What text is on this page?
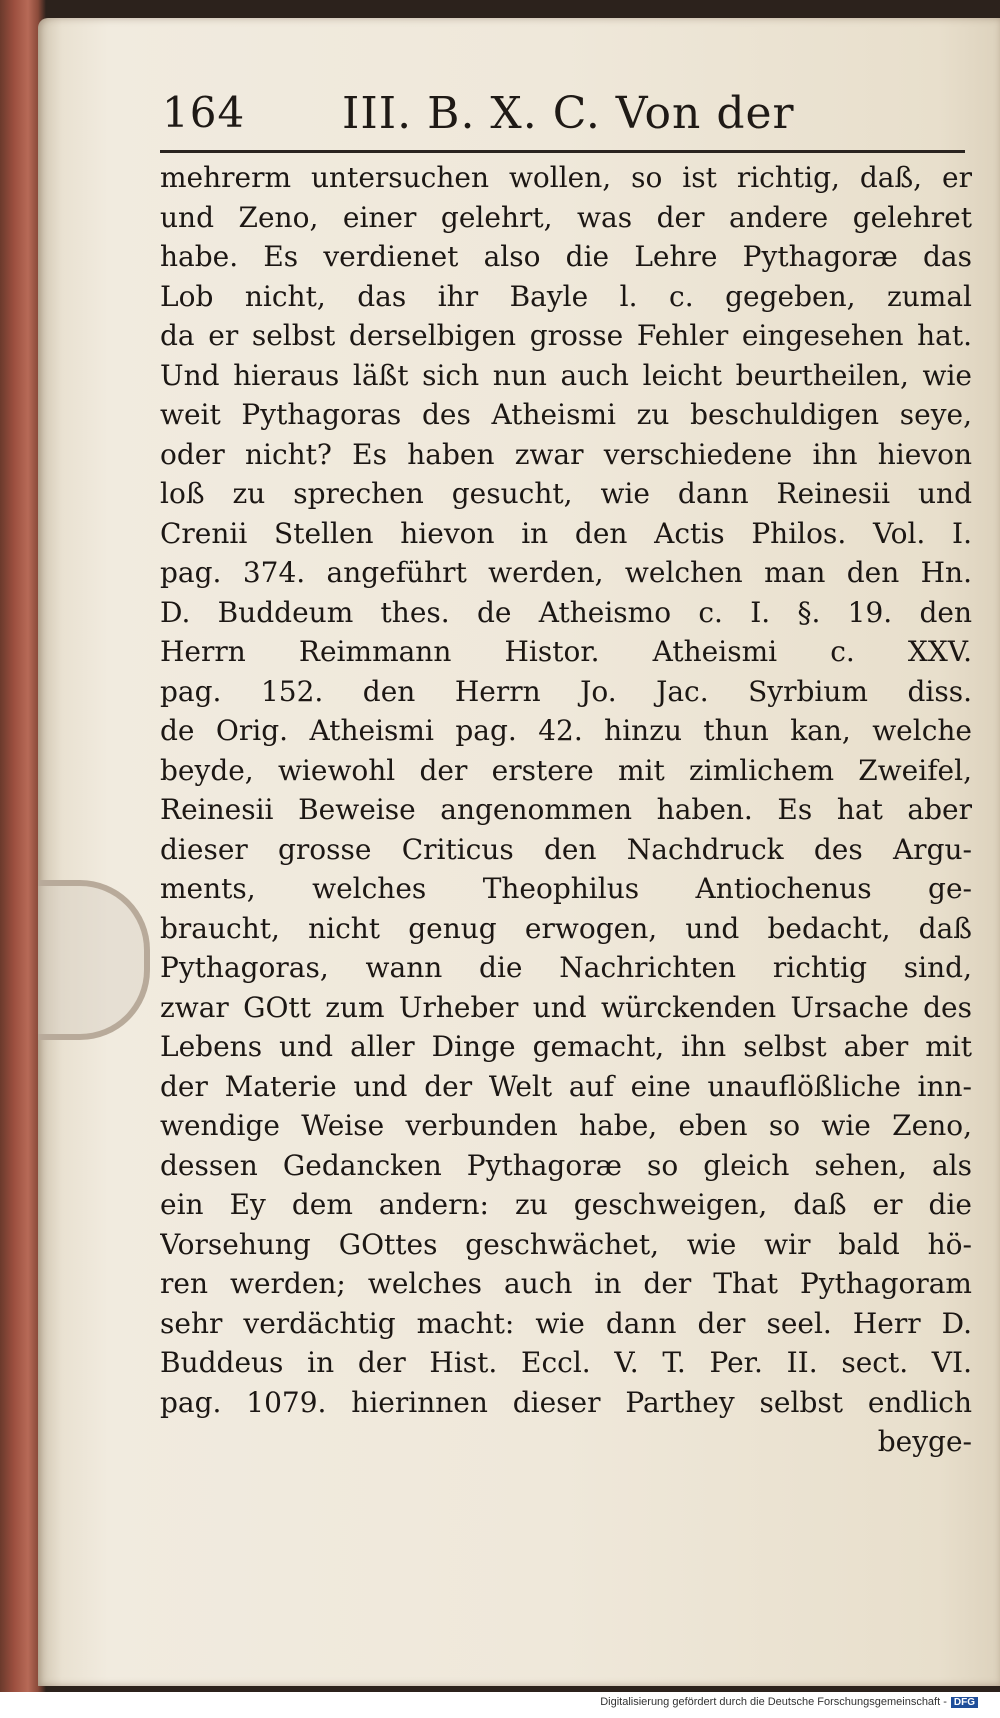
164 III. B. X. C. Von der
mehrerm untersuchen wollen, so ist richtig, daß, er
und Zeno, einer gelehrt, was der andere gelehret
habe. Es verdienet also die Lehre Pythagoræ das
Lob nicht, das ihr Bayle l. c. gegeben, zumal
da er selbst derselbigen grosse Fehler eingesehen hat.
Und hieraus läßt sich nun auch leicht beurtheilen, wie
weit Pythagoras des Atheismi zu beschuldigen seye,
oder nicht? Es haben zwar verschiedene ihn hievon
loß zu sprechen gesucht, wie dann Reinesii und
Crenii Stellen hievon in den Actis Philos. Vol. I.
pag. 374. angeführt werden, welchen man den Hn.
D. Buddeum thes. de Atheismo c. I. §. 19. den
Herrn Reimmann Histor. Atheismi c. XXV.
pag. 152. den Herrn Jo. Jac. Syrbium diss.
de Orig. Atheismi pag. 42. hinzu thun kan, welche
beyde, wiewohl der erstere mit zimlichem Zweifel,
Reinesii Beweise angenommen haben. Es hat aber
dieser grosse Criticus den Nachdruck des Argu-
ments, welches Theophilus Antiochenus ge-
braucht, nicht genug erwogen, und bedacht, daß
Pythagoras, wann die Nachrichten richtig sind,
zwar GOtt zum Urheber und würckenden Ursache des
Lebens und aller Dinge gemacht, ihn selbst aber mit
der Materie und der Welt auf eine unauflößliche inn-
wendige Weise verbunden habe, eben so wie Zeno,
dessen Gedancken Pythagoræ so gleich sehen, als
ein Ey dem andern: zu geschweigen, daß er die
Vorsehung GOttes geschwächet, wie wir bald hö-
ren werden; welches auch in der That Pythagoram
sehr verdächtig macht: wie dann der seel. Herr D.
Buddeus in der Hist. Eccl. V. T. Per. II. sect. VI.
pag. 1079. hierinnen dieser Parthey selbst endlich
beyge-
Digitalisierung gefördert durch die Deutsche Forschungsgemeinschaft - DFG
